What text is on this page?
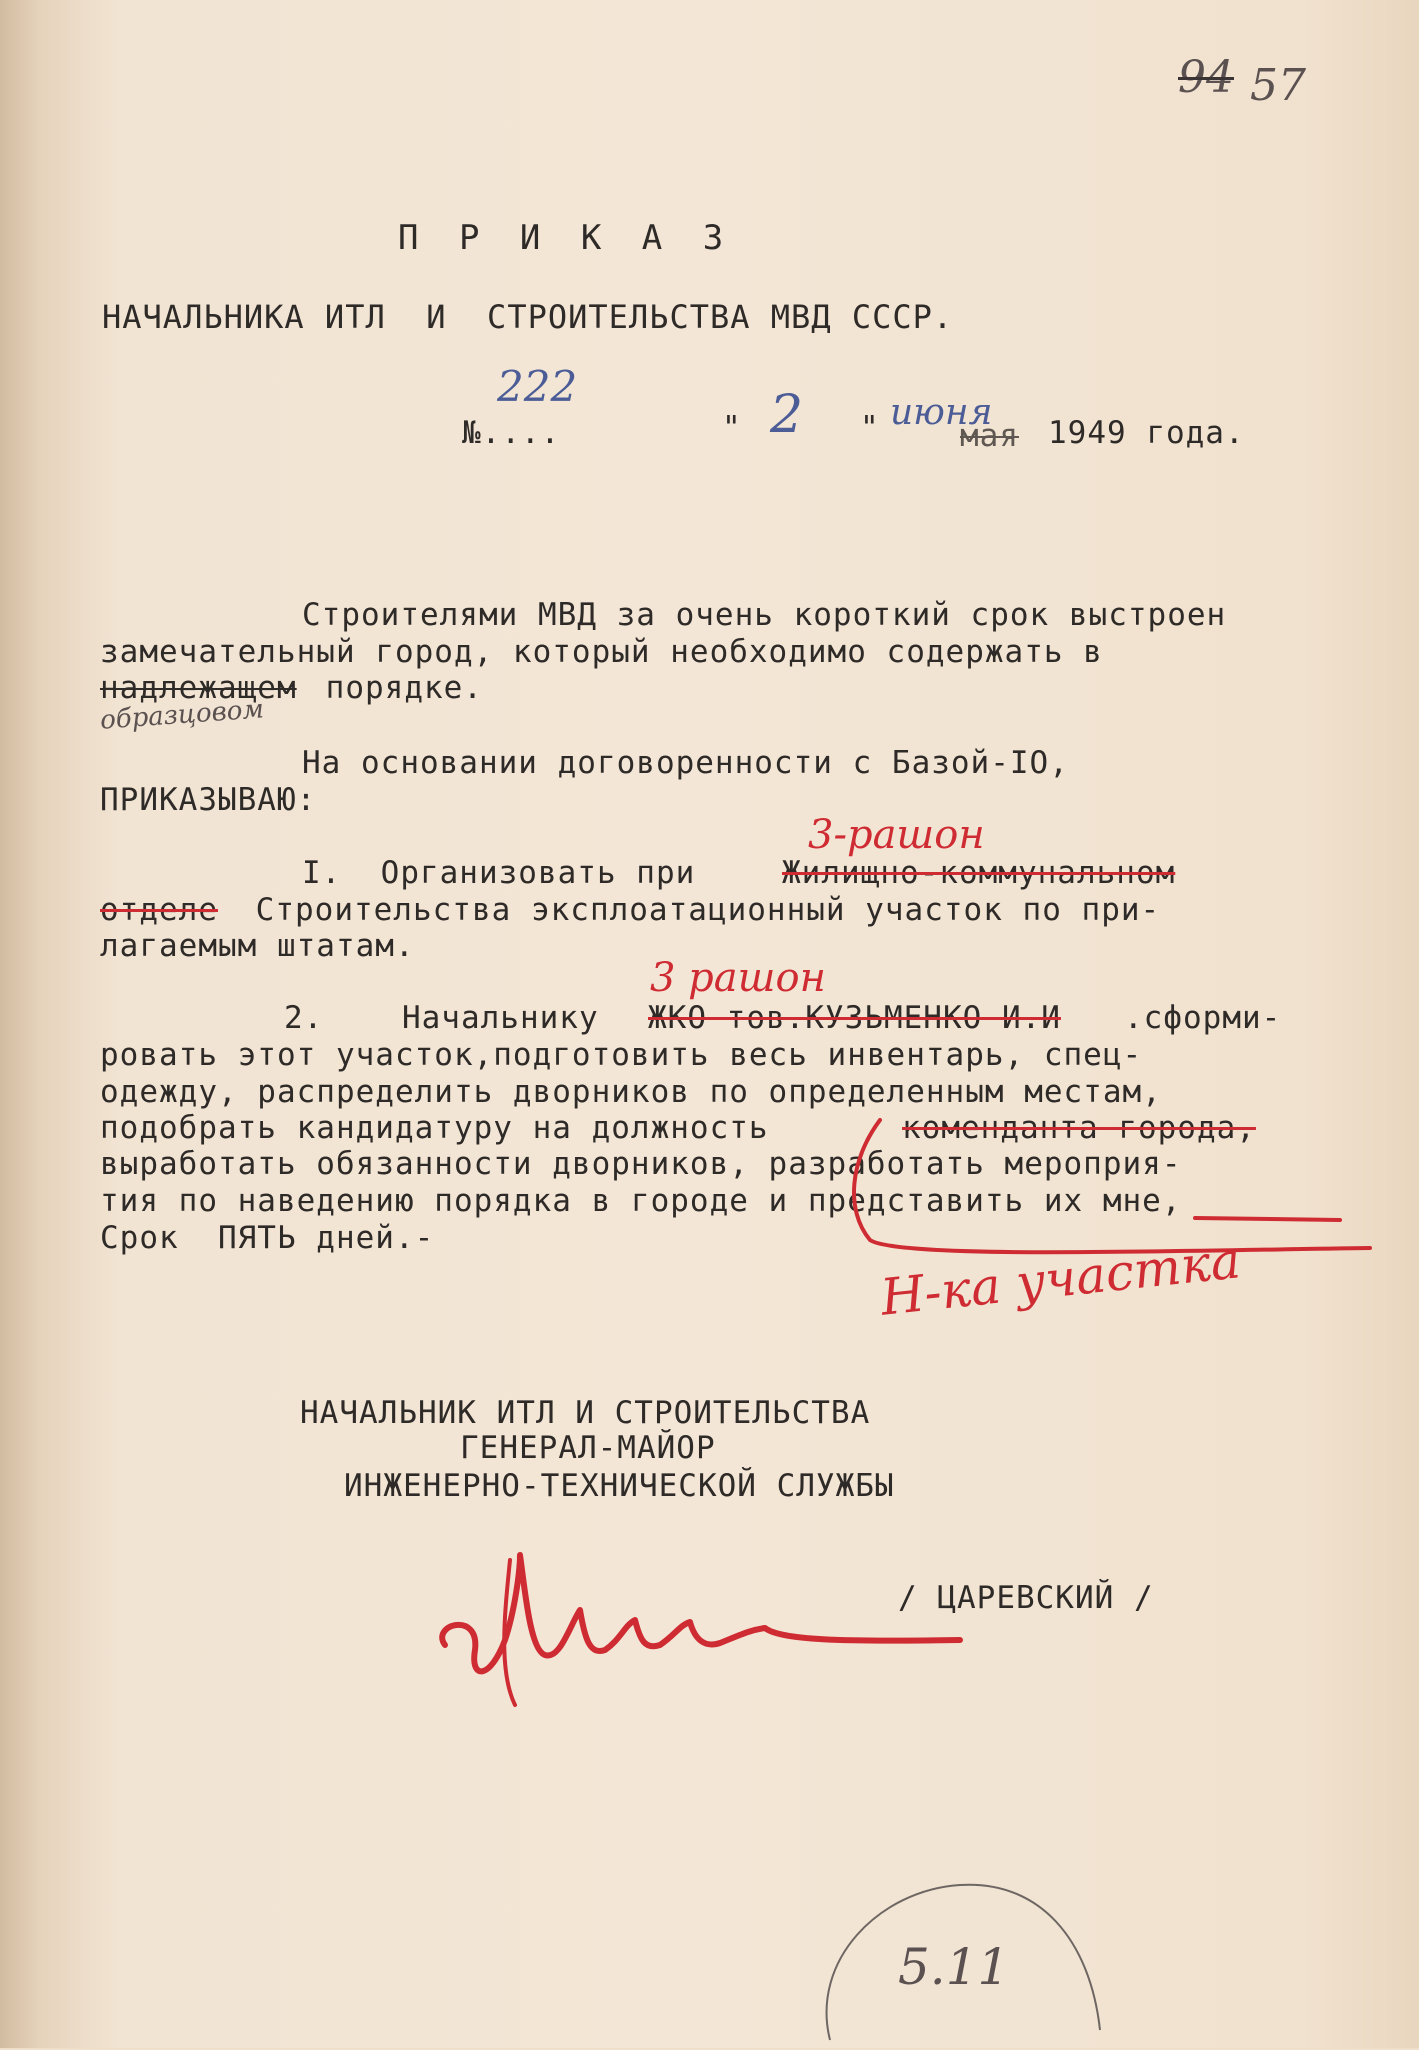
94 57
П Р И К А З
НАЧАЛЬНИКА ИТЛ  И  СТРОИТЕЛЬСТВА МВД СССР.
222
№....	" 2 " июня
мая 1949 года.
Строителями МВД за очень короткий срок выстроен
замечательный город, который необходимо содержать в
надлежащем порядке.
образцовом
На основании договоренности с Базой-IO,
ПРИКАЗЫВАЮ:
3-рашон
I.  Организовать при Жилищно-коммунальном
отделе Строительства эксплоатационный участок по при-
лагаемым штатам.
3 рашон
2.    Начальнику ЖКО тов.КУЗЬМЕНКО И.И .сформи-
ровать этот участок,подготовить весь инвентарь, спец-
одежду, распределить дворников по определенным местам,
подобрать кандидатуру на должность	коменданта города,
выработать обязанности дворников, разработать мероприя-
тия по наведению порядка в городе и представить их мне,
Срок  ПЯТЬ дней.-	Н-ка участка
НАЧАЛЬНИК ИТЛ И СТРОИТЕЛЬСТВА
ГЕНЕРАЛ-МАЙОР
ИНЖЕНЕРНО-ТЕХНИЧЕСКОЙ СЛУЖБЫ
/ ЦАРЕВСКИЙ /
5.11
